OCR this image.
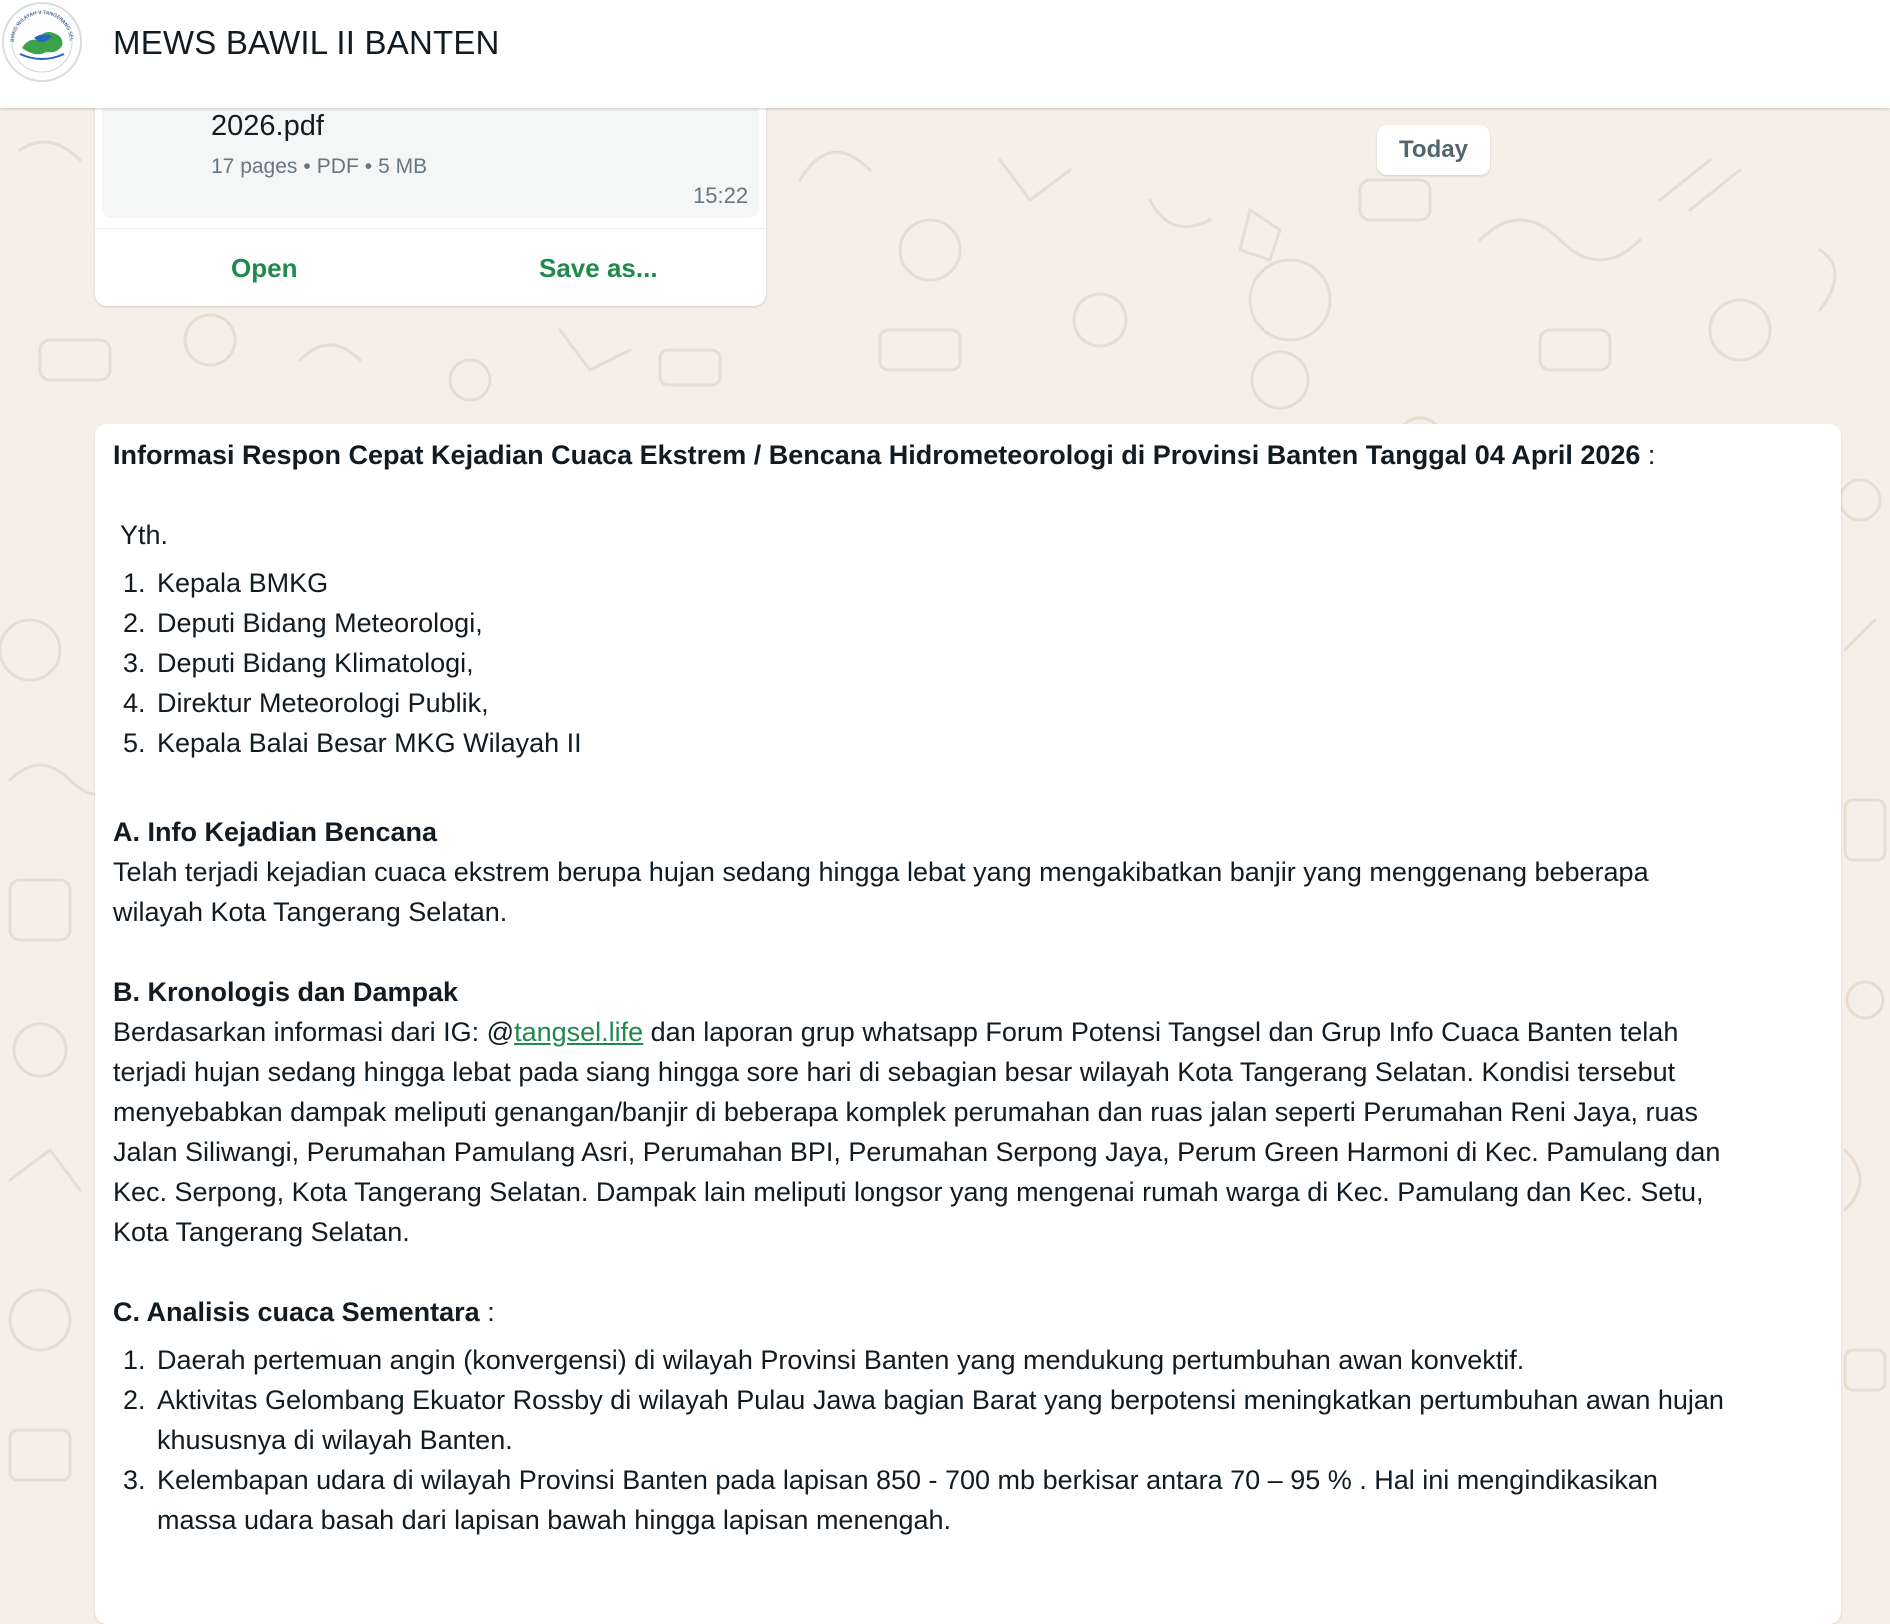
BMKG WILAYAH II TANGERANG SEL MEWS BAWIL II BANTEN
2026.pdf
17 pages • PDF • 5 MB
15:22
Open	Save as...
Today
Informasi Respon Cepat Kejadian Cuaca Ekstrem / Bencana Hidrometeorologi di Provinsi Banten Tanggal 04 April 2026 :
Yth.
1. Kepala BMKG
2. Deputi Bidang Meteorologi,
3. Deputi Bidang Klimatologi,
4. Direktur Meteorologi Publik,
5. Kepala Balai Besar MKG Wilayah II
A. Info Kejadian Bencana
Telah terjadi kejadian cuaca ekstrem berupa hujan sedang hingga lebat yang mengakibatkan banjir yang menggenang beberapa
wilayah Kota Tangerang Selatan.
B. Kronologis dan Dampak
Berdasarkan informasi dari IG: @tangsel.life dan laporan grup whatsapp Forum Potensi Tangsel dan Grup Info Cuaca Banten telah
terjadi hujan sedang hingga lebat pada siang hingga sore hari di sebagian besar wilayah Kota Tangerang Selatan. Kondisi tersebut
menyebabkan dampak meliputi genangan/banjir di beberapa komplek perumahan dan ruas jalan seperti Perumahan Reni Jaya, ruas
Jalan Siliwangi, Perumahan Pamulang Asri, Perumahan BPI, Perumahan Serpong Jaya, Perum Green Harmoni di Kec. Pamulang dan
Kec. Serpong, Kota Tangerang Selatan. Dampak lain meliputi longsor yang mengenai rumah warga di Kec. Pamulang dan Kec. Setu,
Kota Tangerang Selatan.
C. Analisis cuaca Sementara :
1. Daerah pertemuan angin (konvergensi) di wilayah Provinsi Banten yang mendukung pertumbuhan awan konvektif.
2. Aktivitas Gelombang Ekuator Rossby di wilayah Pulau Jawa bagian Barat yang berpotensi meningkatkan pertumbuhan awan hujan
khususnya di wilayah Banten.
3. Kelembapan udara di wilayah Provinsi Banten pada lapisan 850 - 700 mb berkisar antara 70 – 95 % . Hal ini mengindikasikan
massa udara basah dari lapisan bawah hingga lapisan menengah.
